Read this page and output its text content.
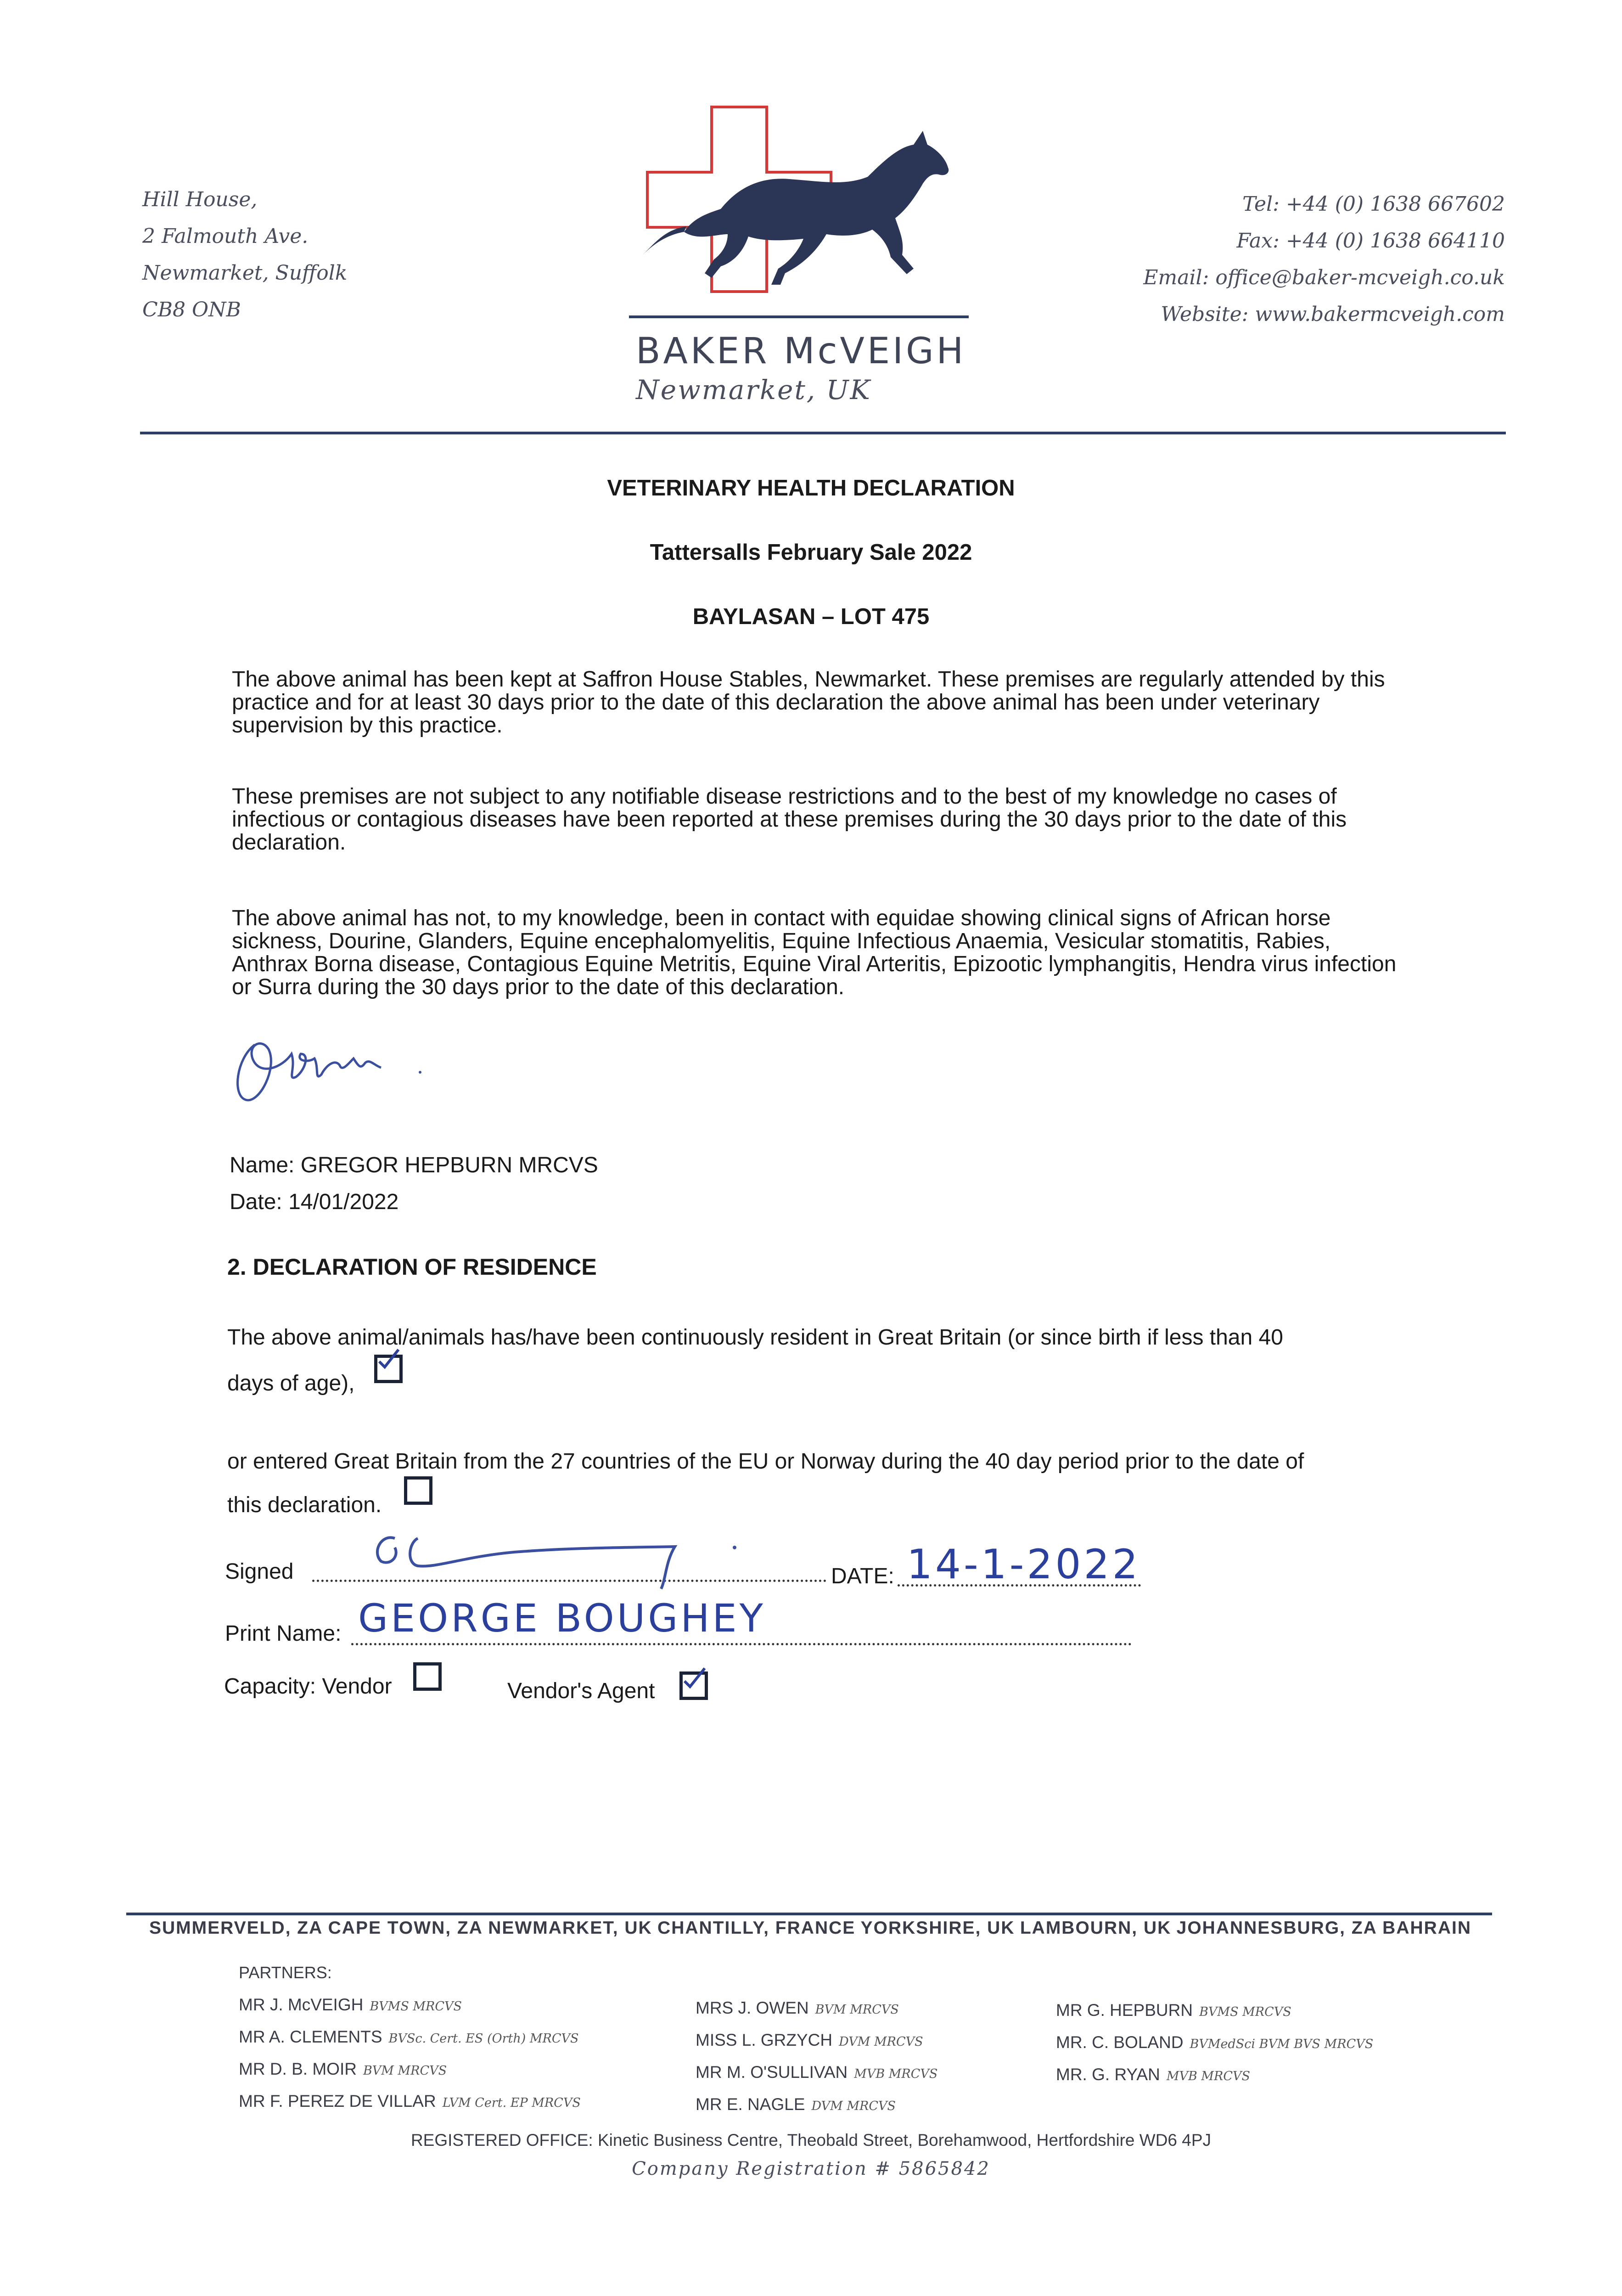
Hill House,
2 Falmouth Ave.
Newmarket, Suffolk
CB8 ONB
BAKER McVEIGH
Newmarket, UK
Tel: +44 (0) 1638 667602
Fax: +44 (0) 1638 664110
Email: office@baker-mcveigh.co.uk
Website: www.bakermcveigh.com
VETERINARY HEALTH DECLARATION
Tattersalls February Sale 2022
BAYLASAN – LOT 475
The above animal has been kept at Saffron House Stables, Newmarket. These premises are regularly attended by this practice and for at least 30 days prior to the date of this declaration the above animal has been under veterinary supervision by this practice.
These premises are not subject to any notifiable disease restrictions and to the best of my knowledge no cases of infectious or contagious diseases have been reported at these premises during the 30 days prior to the date of this declaration.
The above animal has not, to my knowledge, been in contact with equidae showing clinical signs of African horse sickness, Dourine, Glanders, Equine encephalomyelitis, Equine Infectious Anaemia, Vesicular stomatitis, Rabies, Anthrax Borna disease, Contagious Equine Metritis, Equine Viral Arteritis, Epizootic lymphangitis, Hendra virus infection or Surra during the 30 days prior to the date of this declaration.
Name: GREGOR HEPBURN MRCVS
Date: 14/01/2022
2. DECLARATION OF RESIDENCE
The above animal/animals has/have been continuously resident in Great Britain (or since birth if less than 40
days of age),
or entered Great Britain from the 27 countries of the EU or Norway during the 40 day period prior to the date of
this declaration.
Signed	DATE: 14-1-2022
Print Name: GEORGE BOUGHEY
Capacity: Vendor	Vendor's Agent
SUMMERVELD, ZA CAPE TOWN, ZA NEWMARKET, UK CHANTILLY, FRANCE YORKSHIRE, UK LAMBOURN, UK JOHANNESBURG, ZA BAHRAIN
PARTNERS:
MR J. McVEIGH BVMS MRCVS
MR A. CLEMENTS BVSc. Cert. ES (Orth) MRCVS
MR D. B. MOIR BVM MRCVS
MR F. PEREZ DE VILLAR LVM Cert. EP MRCVS
MRS J. OWEN BVM MRCVS
MISS L. GRZYCH DVM MRCVS
MR M. O'SULLIVAN MVB MRCVS
MR E. NAGLE DVM MRCVS
MR G. HEPBURN BVMS MRCVS
MR. C. BOLAND BVMedSci BVM BVS MRCVS
MR. G. RYAN MVB MRCVS
REGISTERED OFFICE: Kinetic Business Centre, Theobald Street, Borehamwood, Hertfordshire WD6 4PJ
Company Registration # 5865842
